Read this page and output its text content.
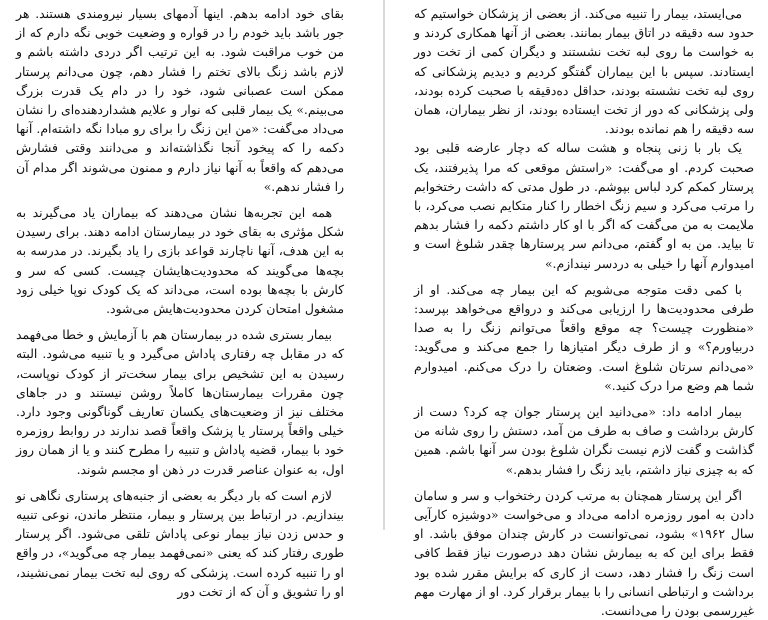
می‌ایستد، بیمار را تنبیه می‌کند. از بعضی از پزشکان خواستیم که حدود سه دقیقه در اتاق بیمار بمانند. بعضی از آنها همکاری کردند و به خواست ما روی لبه تخت نشستند و دیگران کمی از تخت دور ایستادند. سپس با این بیماران گفتگو کردیم و دیدیم پزشکانی که روی لبه تخت نشسته بودند، حداقل ده‌دقیقه با صحبت کرده بودند، ولی پزشکانی که دور از تخت ایستاده بودند، از نظر بیماران، همان سه دقیقه را هم نمانده بودند.

یک بار با زنی پنجاه و هشت ساله که دچار عارضه قلبی بود صحبت کردم. او می‌گفت: «راستش موقعی که مرا پذیرفتند، یک پرستار کمکم کرد لباس بپوشم. در طول مدتی که داشت رختخوابم را مرتب می‌کرد و سیم زنگ اخطار را کنار متکایم نصب می‌کرد، با ملایمت به من می‌گفت که اگر با او کار داشتم دکمه را فشار بدهم تا بیاید. من به او گفتم، می‌دانم سر پرستارها چقدر شلوغ است و امیدوارم آنها را خیلی به دردسر نیندازم.»

با کمی دقت متوجه می‌شویم که این بیمار چه می‌کند. او از طرفی محدودیت‌ها را ارزیابی می‌کند و درواقع می‌خواهد بپرسد: «منظورت چیست؟ چه موقع واقعاً می‌توانم زنگ را به صدا دربیاورم؟» و از طرف دیگر امتیازها را جمع می‌کند و می‌گوید: «می‌دانم سرتان شلوغ است. وضعتان را درک می‌کنم. امیدوارم شما هم وضع مرا درک کنید.»

بیمار ادامه داد: «می‌دانید این پرستار جوان چه کرد؟ دست از کارش برداشت و صاف به طرف من آمد، دستش را روی شانه من گذاشت و گفت لازم نیست نگران شلوغ بودن سر آنها باشم. همین که به چیزی نیاز داشتم، باید زنگ را فشار بدهم.»

اگر این پرستار همچنان به مرتب کردن رختخواب و سر و سامان دادن به امور روزمره ادامه می‌داد و می‌خواست «دوشیزه کارآیی سال ۱۹۶۲» بشود، نمی‌توانست در کارش چندان موفق باشد. او فقط برای این که به بیمارش نشان دهد درصورت نیاز فقط کافی است زنگ را فشار دهد، دست از کاری که برایش مقرر شده بود برداشت و ارتباطی انسانی را با بیمار برقرار کرد. او از مهارت مهم غیررسمی بودن را می‌دانست.

بقای خود ادامه بدهم. اینها آدمهای بسیار نیرومندی هستند. هر جور باشد باید خودم را در قواره و وضعیت خوبی نگه دارم که از من خوب مراقبت شود. به این ترتیب اگر دردی داشته باشم و لازم باشد زنگ بالای تختم را فشار دهم، چون می‌دانم پرستار ممکن است عصبانی شود، خود را در دام یک قدرت بزرگ می‌بینم.» یک بیمار قلبی که نوار و علایم هشداردهنده‌ای را نشان می‌داد می‌گفت: «من این زنگ را برای رو مبادا نگه داشته‌ام. آنها دکمه را که پیخود آنجا نگذاشته‌اند و می‌دانند وقتی فشارش می‌دهم که واقعاً به آنها نیاز دارم و ممنون می‌شوند اگر مدام آن را فشار ندهم.»

همه این تجربه‌ها نشان می‌دهند که بیماران یاد می‌گیرند به شکل مؤثری به بقای خود در بیمارستان ادامه دهند. برای رسیدن به این هدف، آنها ناچارند قواعد بازی را یاد بگیرند. در مدرسه به بچه‌ها می‌گویند که محدودیت‌هایشان چیست. کسی که سر و کارش با بچه‌ها بوده است، می‌داند که یک کودک نوپا خیلی زود مشغول امتحان کردن محدودیت‌هایش می‌شود.

بیمار بستری شده در بیمارستان هم با آزمایش و خطا می‌فهمد که در مقابل چه رفتاری پاداش می‌گیرد و یا تنبیه می‌شود. البته رسیدن به این تشخیص برای بیمار سخت‌تر از کودک نوپاست، چون مقررات بیمارستان‌ها کاملاً روشن نیستند و در جاهای مختلف نیز از وضعیت‌های یکسان تعاریف گوناگونی وجود دارد. خیلی واقعاً پرستار یا پزشک واقعاً قصد ندارند در روابط روزمره خود با بیمار، قضیه پاداش و تنبیه را مطرح کنند و یا از همان روز اول، به عنوان عناصر قدرت در ذهن او مجسم شوند.

لازم است که بار دیگر به بعضی از جنبه‌های پرستاری نگاهی نو بیندازیم. در ارتباط بین پرستار و بیمار، منتظر ماندن، نوعی تنبیه و حدس زدن نیاز بیمار نوعی پاداش تلقی می‌شود. اگر پرستار طوری رفتار کند که یعنی «نمی‌فهمد بیمار چه می‌گوید»، در واقع او را تنبیه کرده است. پزشکی که روی لبه تخت بیمار نمی‌نشیند، او را تشویق و آن که از تخت دور
